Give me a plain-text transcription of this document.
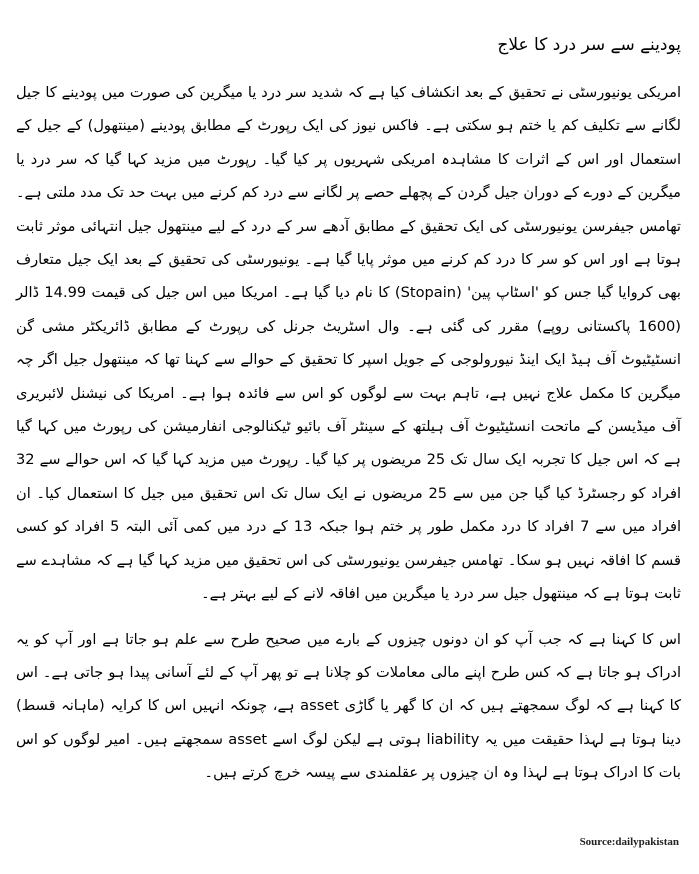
پودینے سے سر درد کا علاج

امریکی یونیورسٹی نے تحقیق کے بعد انکشاف کیا ہے کہ شدید سر درد یا میگرین کی صورت میں پودینے کا جیل لگانے سے تکلیف کم یا ختم ہو سکتی ہے۔ فاکس نیوز کی ایک رپورٹ کے مطابق پودینے (مینتھول) کے جیل کے استعمال اور اس کے اثرات کا مشاہدہ امریکی شہریوں پر کیا گیا۔ رپورٹ میں مزید کہا گیا کہ سر درد یا میگرین کے دورے کے دوران جیل گردن کے پچھلے حصے پر لگانے سے درد کم کرنے میں بہت حد تک مدد ملتی ہے۔ تھامس جیفرسن یونیورسٹی کی ایک تحقیق کے مطابق آدھے سر کے درد کے لیے مینتھول جیل انتہائی موثر ثابت ہوتا ہے اور اس کو سر کا درد کم کرنے میں موثر پایا گیا ہے۔ یونیورسٹی کی تحقیق کے بعد ایک جیل متعارف بھی کروایا گیا جس کو 'اسٹاپ پین' (Stopain) کا نام دیا گیا ہے۔ امریکا میں اس جیل کی قیمت 14.99 ڈالر (1600 پاکستانی روپے) مقرر کی گئی ہے۔ وال اسٹریٹ جرنل کی رپورٹ کے مطابق ڈائریکٹر مشی گن انسٹیٹیوٹ آف ہیڈ ایک اینڈ نیورولوجی کے جویل اسپر کا تحقیق کے حوالے سے کہنا تھا کہ مینتھول جیل اگر چہ میگرین کا مکمل علاج نہیں ہے، تاہم بہت سے لوگوں کو اس سے فائدہ ہوا ہے۔ امریکا کی نیشنل لائبریری آف میڈیسن کے ماتحت انسٹیٹیوٹ آف ہیلتھ کے سینٹر آف بائیو ٹیکنالوجی انفارمیشن کی رپورٹ میں کہا گیا ہے کہ اس جیل کا تجربہ ایک سال تک 25 مریضوں پر کیا گیا۔ رپورٹ میں مزید کہا گیا کہ اس حوالے سے 32 افراد کو رجسٹرڈ کیا گیا جن میں سے 25 مریضوں نے ایک سال تک اس تحقیق میں جیل کا استعمال کیا۔ ان افراد میں سے 7 افراد کا درد مکمل طور پر ختم ہوا جبکہ 13 کے درد میں کمی آئی البتہ 5 افراد کو کسی قسم کا افاقہ نہیں ہو سکا۔ تھامس جیفرسن یونیورسٹی کی اس تحقیق میں مزید کہا گیا ہے کہ مشاہدے سے ثابت ہوتا ہے کہ مینتھول جیل سر درد یا میگرین میں افاقہ لانے کے لیے بہتر ہے۔

اس کا کہنا ہے کہ جب آپ کو ان دونوں چیزوں کے بارے میں صحیح طرح سے علم ہو جاتا ہے اور آپ کو یہ ادراک ہو جاتا ہے کہ کس طرح اپنے مالی معاملات کو چلانا ہے تو پھر آپ کے لئے آسانی پیدا ہو جاتی ہے۔ اس کا کہنا ہے کہ لوگ سمجھتے ہیں کہ ان کا گھر یا گاڑی asset ہے، چونکہ انہیں اس کا کرایہ (ماہانہ قسط) دینا ہوتا ہے لہذا حقیقت میں یہ liability ہوتی ہے لیکن لوگ اسے asset سمجھتے ہیں۔ امیر لوگوں کو اس بات کا ادراک ہوتا ہے لہذا وہ ان چیزوں پر عقلمندی سے پیسہ خرچ کرتے ہیں۔

Source:dailypakistan
